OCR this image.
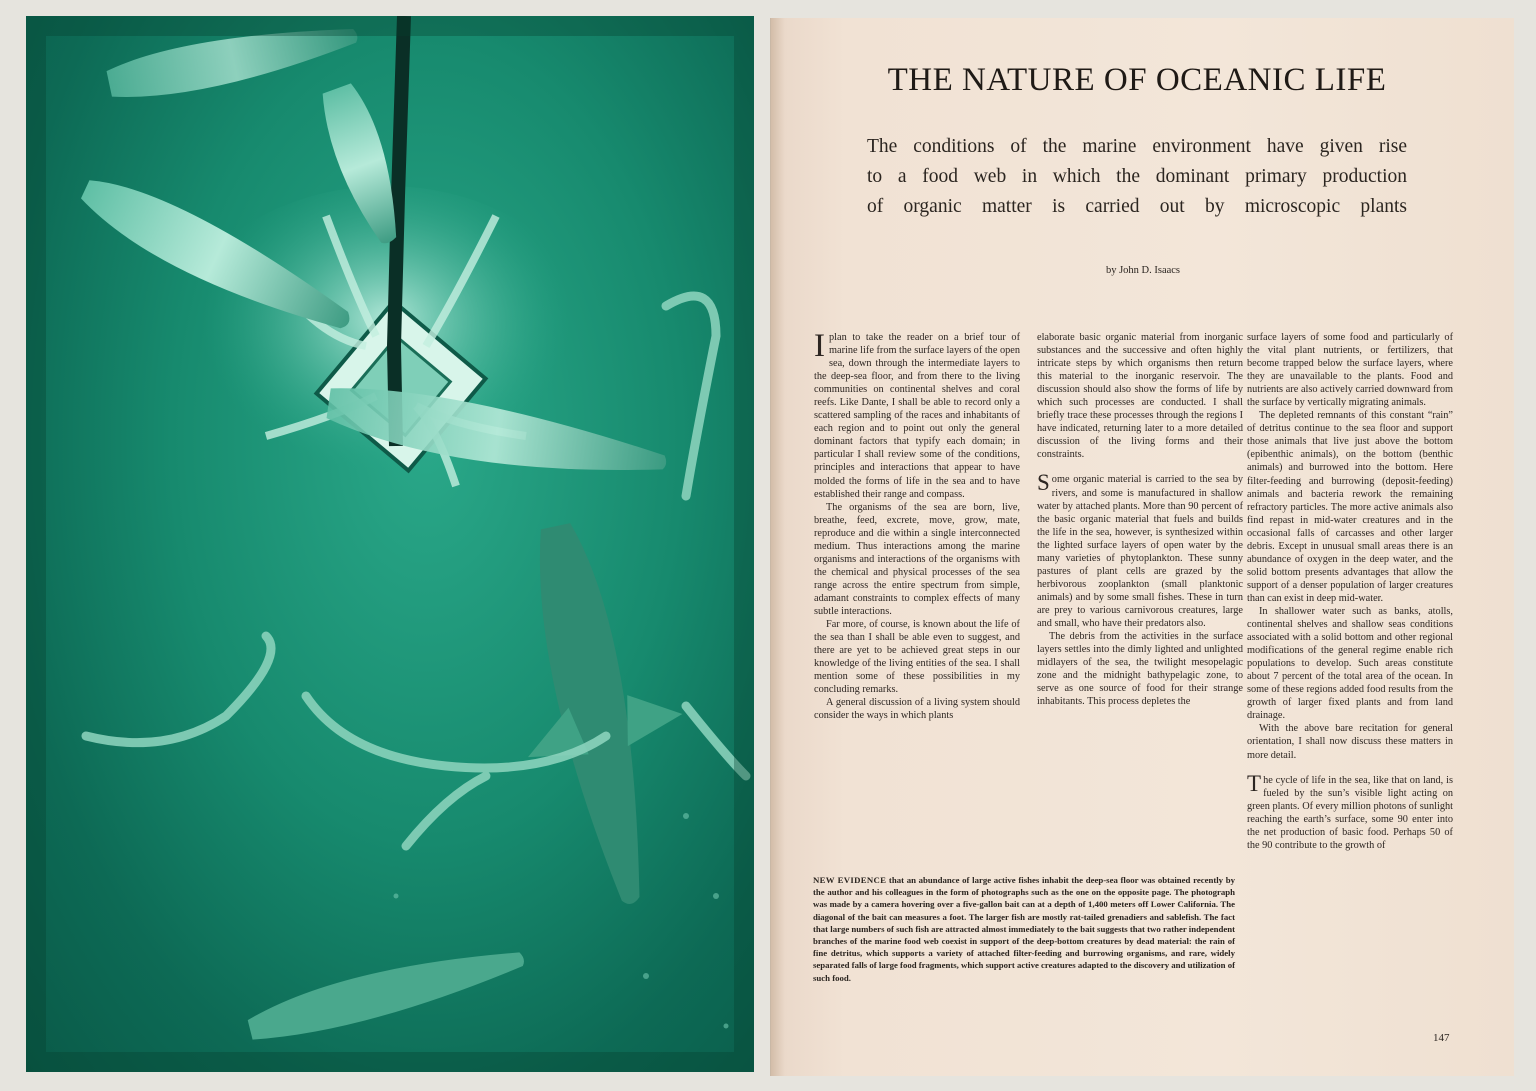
THE NATURE OF OCEANIC LIFE
The conditions of the marine environment have given rise
to a food web in which the dominant primary production
of organic matter is carried out by microscopic plants
by John D. Isaacs

Iplan to take the reader on a brief tour of marine life from the surface layers of the open sea, down through the intermediate layers to the deep-sea floor, and from there to the living communities on continental shelves and coral reefs. Like Dante, I shall be able to record only a scattered sampling of the races and inhabitants of each region and to point out only the general dominant factors that typify each domain; in particular I shall review some of the conditions, principles and interactions that appear to have molded the forms of life in the sea and to have established their range and compass.

The organisms of the sea are born, live, breathe, feed, excrete, move, grow, mate, reproduce and die within a single interconnected medium. Thus interactions among the marine organisms and interactions of the organisms with the chemical and physical processes of the sea range across the entire spectrum from simple, adamant constraints to complex effects of many subtle interactions.

Far more, of course, is known about the life of the sea than I shall be able even to suggest, and there are yet to be achieved great steps in our knowledge of the living entities of the sea. I shall mention some of these possibilities in my concluding remarks.

A general discussion of a living system should consider the ways in which plants

elaborate basic organic material from inorganic substances and the successive and often highly intricate steps by which organisms then return this material to the inorganic reservoir. The discussion should also show the forms of life by which such processes are conducted. I shall briefly trace these processes through the regions I have indicated, returning later to a more detailed discussion of the living forms and their constraints.

Some organic material is carried to the sea by rivers, and some is manufactured in shallow water by attached plants. More than 90 percent of the basic organic material that fuels and builds the life in the sea, however, is synthesized within the lighted surface layers of open water by the many varieties of phytoplankton. These sunny pastures of plant cells are grazed by the herbivorous zooplankton (small planktonic animals) and by some small fishes. These in turn are prey to various carnivorous creatures, large and small, who have their predators also.

The debris from the activities in the surface layers settles into the dimly lighted and unlighted midlayers of the sea, the twilight mesopelagic zone and the midnight bathypelagic zone, to serve as one source of food for their strange inhabitants. This process depletes the

surface layers of some food and particularly of the vital plant nutrients, or fertilizers, that become trapped below the surface layers, where they are unavailable to the plants. Food and nutrients are also actively carried downward from the surface by vertically migrating animals.

The depleted remnants of this constant “rain” of detritus continue to the sea floor and support those animals that live just above the bottom (epibenthic animals), on the bottom (benthic animals) and burrowed into the bottom. Here filter-feeding and burrowing (deposit-feeding) animals and bacteria rework the remaining refractory particles. The more active animals also find repast in mid-water creatures and in the occasional falls of carcasses and other larger debris. Except in unusual small areas there is an abundance of oxygen in the deep water, and the solid bottom presents advantages that allow the support of a denser population of larger creatures than can exist in deep mid-water.

In shallower water such as banks, atolls, continental shelves and shallow seas conditions associated with a solid bottom and other regional modifications of the general regime enable rich populations to develop. Such areas constitute about 7 percent of the total area of the ocean. In some of these regions added food results from the growth of larger fixed plants and from land drainage.

With the above bare recitation for general orientation, I shall now discuss these matters in more detail.

The cycle of life in the sea, like that on land, is fueled by the sun’s visible light acting on green plants. Of every million photons of sunlight reaching the earth’s surface, some 90 enter into the net production of basic food. Perhaps 50 of the 90 contribute to the growth of

NEW EVIDENCE that an abundance of large active fishes inhabit the deep-sea floor was obtained recently by the author and his colleagues in the form of photographs such as the one on the opposite page. The photograph was made by a camera hovering over a five-gallon bait can at a depth of 1,400 meters off Lower California. The diagonal of the bait can measures a foot. The larger fish are mostly rat-tailed grenadiers and sablefish. The fact that large numbers of such fish are attracted almost immediately to the bait suggests that two rather independent branches of the marine food web coexist in support of the deep-bottom creatures by dead material: the rain of fine detritus, which supports a variety of attached filter-feeding and burrowing organisms, and rare, widely separated falls of large food fragments, which support active creatures adapted to the discovery and utilization of such food.
147
